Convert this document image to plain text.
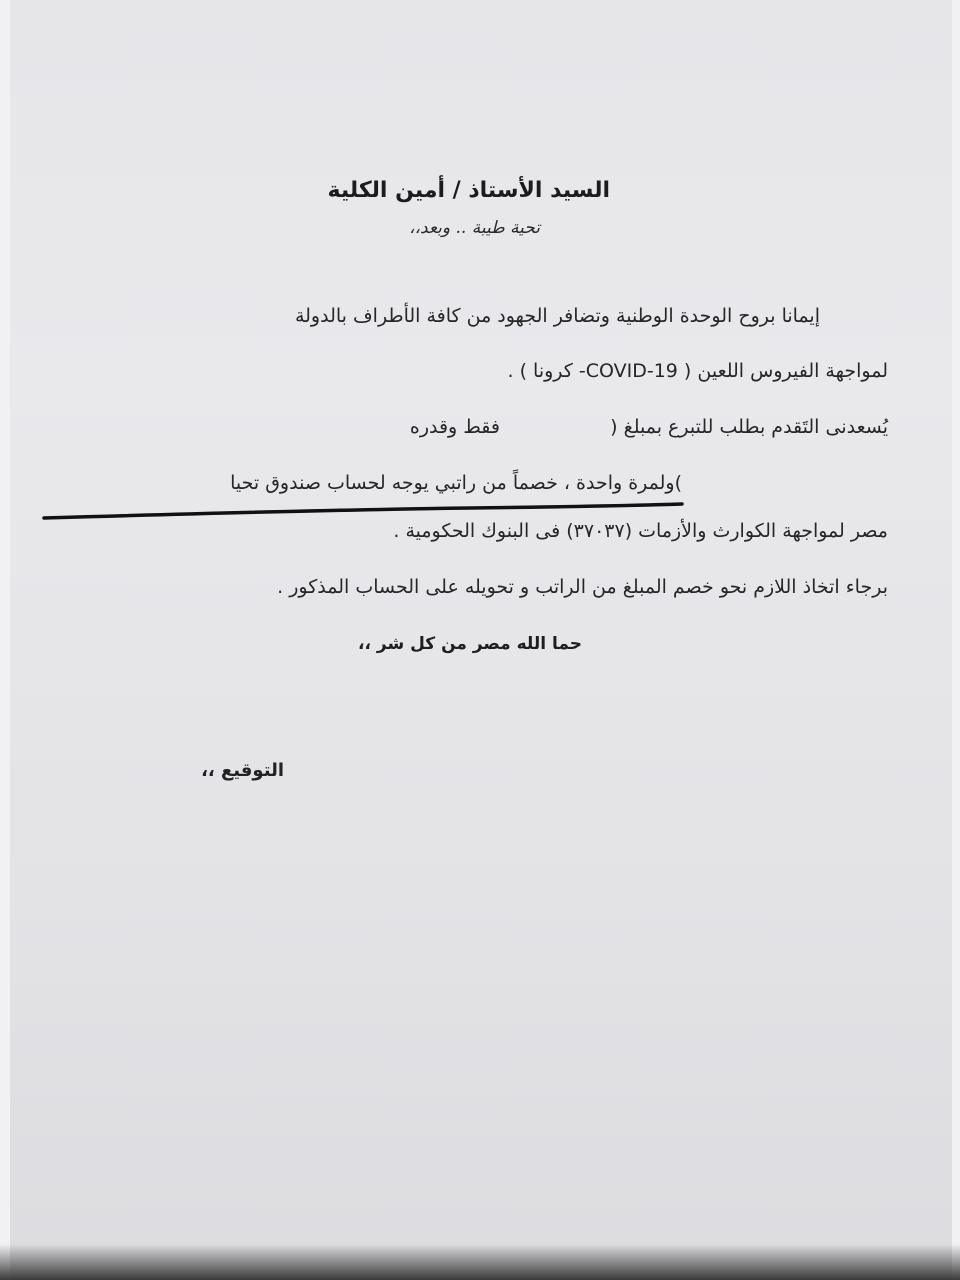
السيد الأستاذ / أمين الكلية
تحية طيبة .. وبعد،،
إيمانا بروح الوحدة الوطنية وتضافر الجهود من كافة الأطراف بالدولة
لمواجهة الفيروس اللعين ( COVID-19- كرونا ) .
يُسعدنى التَقدم بطلب للتبرع بمبلغ (
فقط وقدره
)ولمرة واحدة ، خصماً من راتبي يوجه لحساب صندوق تحيا
مصر لمواجهة الكوارث والأزمات (٣٧٠٣٧) فى البنوك الحكومية .
برجاء اتخاذ اللازم نحو خصم المبلغ من الراتب و تحويله على الحساب المذكور .
حما الله مصر من كل شر ،،
التوقيع ،،
